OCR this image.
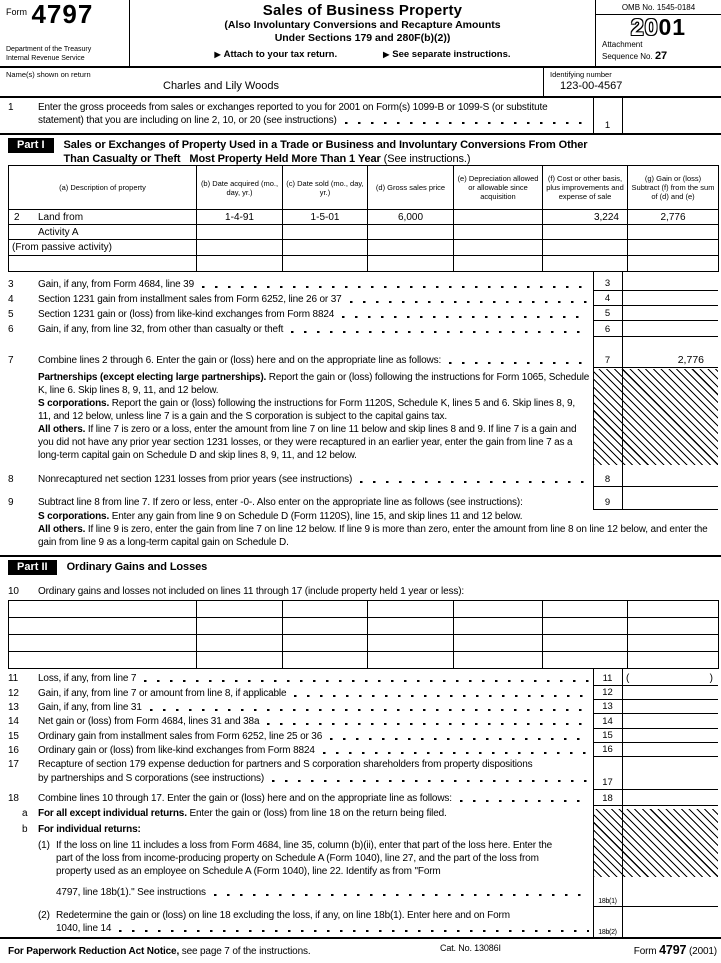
Form 4797
Department of the Treasury
Internal Revenue Service
Sales of Business Property
(Also Involuntary Conversions and Recapture Amounts
Under Sections 179 and 280F(b)(2))
▶ Attach to your tax return.	▶ See separate instructions.
OMB No. 1545-0184
2001
Attachment
Sequence No. 27
Name(s) shown on return
Charles and Lily Woods
Identifying number
123-00-4567
1	Enter the gross proceeds from sales or exchanges reported to you for 2001 on Form(s) 1099-B or 1099-S (or substitute
statement) that you are including on line 2, 10, or 20 (see instructions)	1
Part I	Sales or Exchanges of Property Used in a Trade or Business and Involuntary Conversions From Other
Than Casualty or Theft Most Property Held More Than 1 Year (See instructions.)
(a) Description of property	(b) Date acquired (mo., day, yr.)	(c) Date sold (mo., day, yr.)	(d) Gross sales price	(e) Depreciation allowed or allowable since acquisition	(f) Cost or other basis, plus improvements and expense of sale	(g) Gain or (loss) Subtract (f) from the sum of (d) and (e)
2 Land from	1-4-91	1-5-01	6,000		3,224	2,776
Activity A						
(From passive activity)						

3	Gain, if any, from Form 4684, line 39	3
4	Section 1231 gain from installment sales from Form 6252, line 26 or 37	4
5	Section 1231 gain or (loss) from like-kind exchanges from Form 8824	5
6	Gain, if any, from line 32, from other than casualty or theft	6
7	Combine lines 2 through 6. Enter the gain or (loss) here and on the appropriate line as follows:	7	2,776

Partnerships (except electing large partnerships). Report the gain or (loss) following the instructions for Form 1065, Schedule K, line 6. Skip lines 8, 9, 11, and 12 below.

S corporations. Report the gain or (loss) following the instructions for Form 1120S, Schedule K, lines 5 and 6. Skip lines 8, 9, 11, and 12 below, unless line 7 is a gain and the S corporation is subject to the capital gains tax.

All others. If line 7 is zero or a loss, enter the amount from line 7 on line 11 below and skip lines 8 and 9. If line 7 is a gain and you did not have any prior year section 1231 losses, or they were recaptured in an earlier year, enter the gain from line 7 as a long-term capital gain on Schedule D and skip lines 8, 9, 11, and 12 below.

8	Nonrecaptured net section 1231 losses from prior years (see instructions)	8
9	Subtract line 8 from line 7. If zero or less, enter -0-. Also enter on the appropriate line as follows (see instructions):	9

S corporations. Enter any gain from line 9 on Schedule D (Form 1120S), line 15, and skip lines 11 and 12 below.

All others. If line 9 is zero, enter the gain from line 7 on line 12 below. If line 9 is more than zero, enter the amount from line 8 on line 12 below, and enter the gain from line 9 as a long-term capital gain on Schedule D.

Part II	Ordinary Gains and Losses
10	Ordinary gains and losses not included on lines 11 through 17 (include property held 1 year or less):

11	Loss, if any, from line 7	11	(	)
12	Gain, if any, from line 7 or amount from line 8, if applicable	12
13	Gain, if any, from line 31	13
14	Net gain or (loss) from Form 4684, lines 31 and 38a	14
15	Ordinary gain from installment sales from Form 6252, line 25 or 36	15
16	Ordinary gain or (loss) from like-kind exchanges from Form 8824	16
17	Recapture of section 179 expense deduction for partners and S corporation shareholders from property dispositions
by partnerships and S corporations (see instructions)	17
18	Combine lines 10 through 17. Enter the gain or (loss) here and on the appropriate line as follows:	18
a	For all except individual returns. Enter the gain or (loss) from line 18 on the return being filed.
b	For individual returns:
(1) If the loss on line 11 includes a loss from Form 4684, line 35, column (b)(ii), enter that part of the loss here. Enter the part of the loss from income-producing property on Schedule A (Form 1040), line 27, and the part of the loss from property used as an employee on Schedule A (Form 1040), line 22. Identify as from "Form
4797, line 18b(1)." See instructions
18b(1)
(2) Redetermine the gain or (loss) on line 18 excluding the loss, if any, on line 18b(1). Enter here and on Form
1040, line 14	18b(2)
For Paperwork Reduction Act Notice, see page 7 of the instructions.	Cat. No. 13086I	Form 4797 (2001)
